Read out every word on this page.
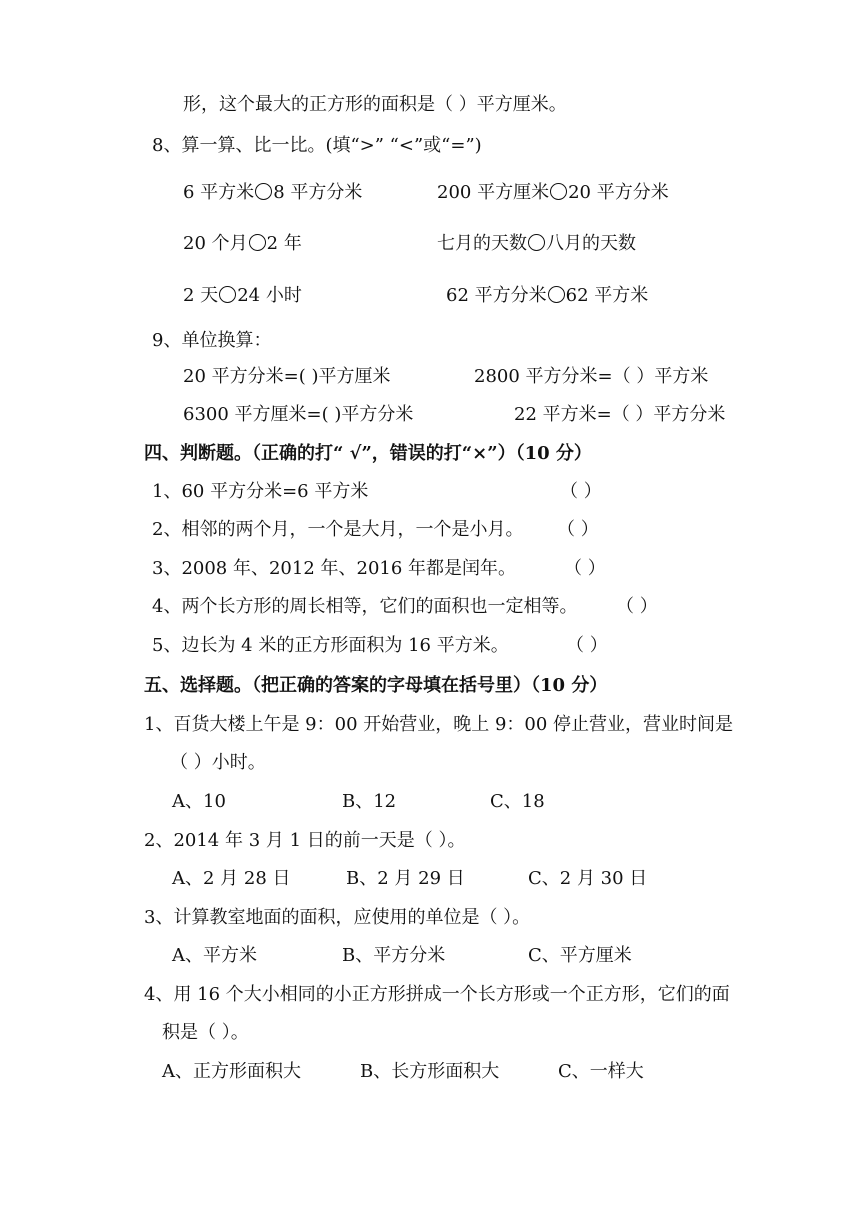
形，这个最大的正方形的面积是（ ）平方厘米。
8、算一算、比一比。(填“>” “<”或“=”)
6 平方米 8 平方分米	200 平方厘米 20 平方分米
20 个月 2 年	七月的天数 八月的天数
2 天 24 小时	62 平方分米 62 平方米
9、单位换算：
20 平方分米=( )平方厘米	2800 平方分米=（ ）平方米
6300 平方厘米=( )平方分米	22 平方米=（ ）平方分米
四、判断题。（正确的打“ √”，错误的打“×”）（10 分）
1、60 平方分米=6 平方米	（ ）
2、相邻的两个月，一个是大月，一个是小月。 （ ）
3、2008 年、2012 年、2016 年都是闰年。	（ ）
4、两个长方形的周长相等，它们的面积也一定相等。 （ ）
5、边长为 4 米的正方形面积为 16 平方米。	（ ）
五、选择题。（把正确的答案的字母填在括号里）（10 分）
1、百货大楼上午是 9：00 开始营业，晚上 9：00 停止营业，营业时间是
（ ）小时。
A、10	B、12	C、18
2、2014 年 3 月 1 日的前一天是（ ）。
A、2 月 28 日	B、2 月 29 日	C、2 月 30 日
3、计算教室地面的面积，应使用的单位是（ ）。
A、平方米	B、平方分米	C、平方厘米
4、用 16 个大小相同的小正方形拼成一个长方形或一个正方形，它们的面
积是（ ）。
A、正方形面积大	B、长方形面积大	C、一样大
